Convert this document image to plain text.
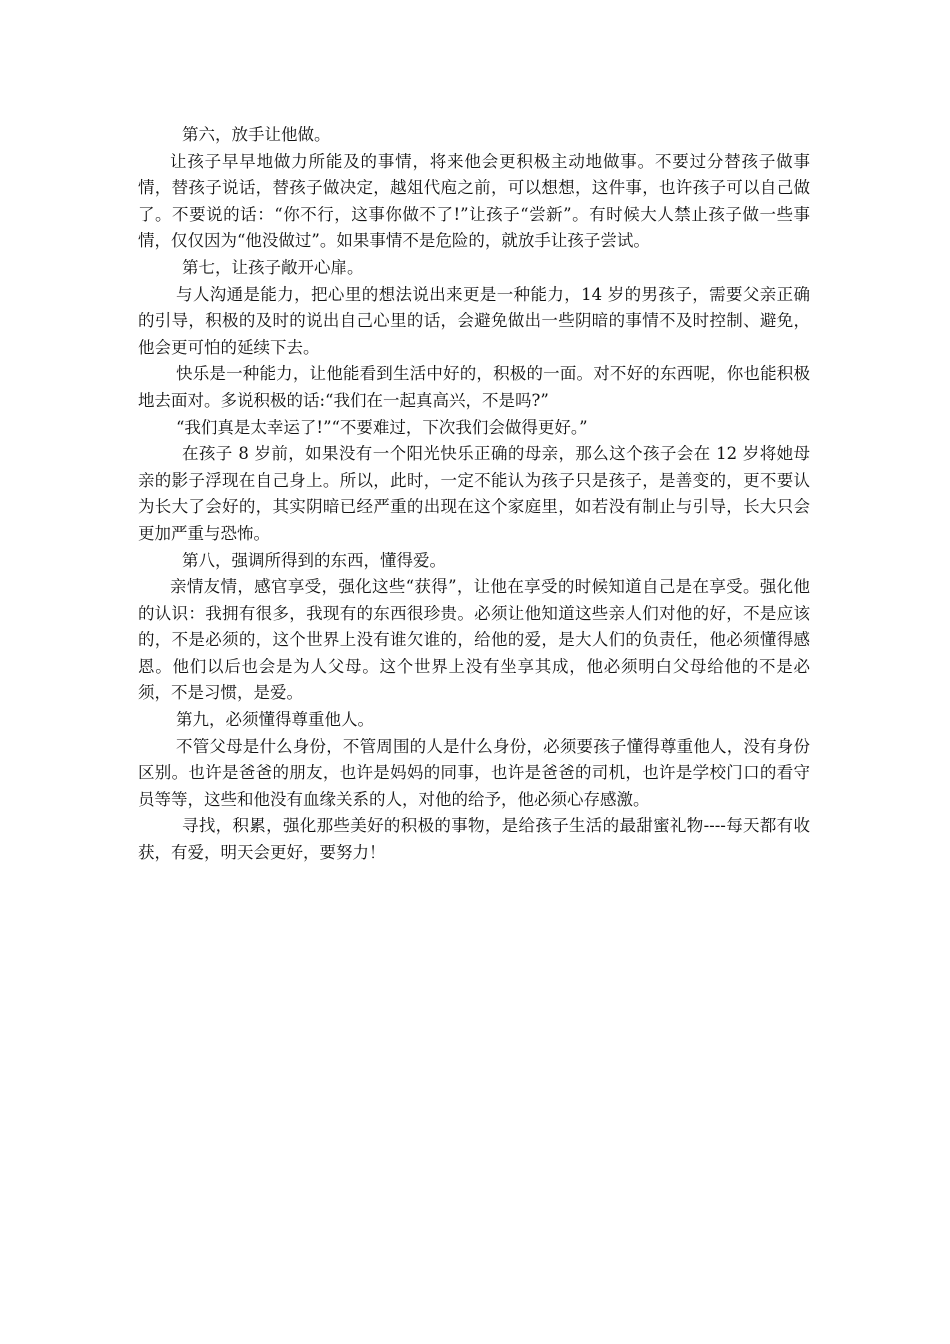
第六，放手让他做。

让孩子早早地做力所能及的事情，将来他会更积极主动地做事。不要过分替孩子做事情，替孩子说话，替孩子做决定，越俎代庖之前，可以想想，这件事，也许孩子可以自己做了。不要说的话：“你不行，这事你做不了!”让孩子“尝新”。有时候大人禁止孩子做一些事情，仅仅因为“他没做过”。如果事情不是危险的，就放手让孩子尝试。

第七，让孩子敞开心扉。

与人沟通是能力，把心里的想法说出来更是一种能力，14 岁的男孩子，需要父亲正确的引导，积极的及时的说出自己心里的话，会避免做出一些阴暗的事情不及时控制、避免，他会更可怕的延续下去。

快乐是一种能力，让他能看到生活中好的，积极的一面。对不好的东西呢，你也能积极地去面对。多说积极的话:“我们在一起真高兴，不是吗?”

“我们真是太幸运了!”“不要难过，下次我们会做得更好。”

在孩子 8 岁前，如果没有一个阳光快乐正确的母亲，那么这个孩子会在 12 岁将她母亲的影子浮现在自己身上。所以，此时，一定不能认为孩子只是孩子，是善变的，更不要认为长大了会好的，其实阴暗已经严重的出现在这个家庭里，如若没有制止与引导，长大只会更加严重与恐怖。

第八，强调所得到的东西，懂得爱。

亲情友情，感官享受，强化这些“获得”，让他在享受的时候知道自己是在享受。强化他的认识：我拥有很多，我现有的东西很珍贵。必须让他知道这些亲人们对他的好，不是应该的，不是必须的，这个世界上没有谁欠谁的，给他的爱，是大人们的负责任，他必须懂得感恩。他们以后也会是为人父母。这个世界上没有坐享其成，他必须明白父母给他的不是必须，不是习惯，是爱。

第九，必须懂得尊重他人。

不管父母是什么身份，不管周围的人是什么身份，必须要孩子懂得尊重他人，没有身份区别。也许是爸爸的朋友，也许是妈妈的同事，也许是爸爸的司机，也许是学校门口的看守员等等，这些和他没有血缘关系的人，对他的给予，他必须心存感激。

寻找，积累，强化那些美好的积极的事物，是给孩子生活的最甜蜜礼物----每天都有收获，有爱，明天会更好，要努力！
